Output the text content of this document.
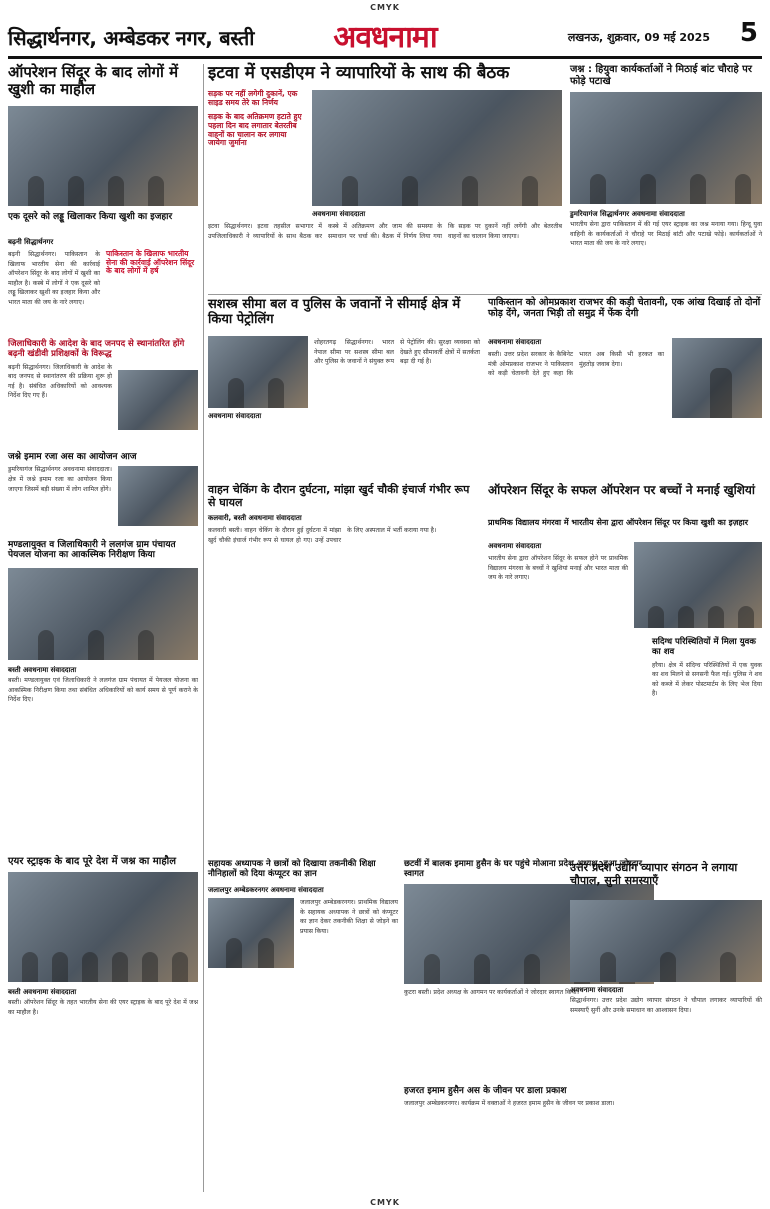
CMYK
सिद्धार्थनगर, अम्बेडकर नगर, बस्ती	अवधनामा	लखनऊ, शुक्रवार, 09 मई 2025 5
ऑपरेशन सिंदूर के बाद लोगों में खुशी का माहौल
एक दूसरे को लड्डू खिलाकर किया खुशी का इजहार
बढ़नी सिद्धार्थनगर
बढ़नी सिद्धार्थनगर। पाकिस्तान के खिलाफ भारतीय सेना की कार्रवाई ऑपरेशन सिंदूर के बाद लोगों में खुशी का माहौल है। कस्बे में लोगों ने एक दूसरे को लड्डू खिलाकर खुशी का इजहार किया और भारत माता की जय के नारे लगाए।
पाकिस्तान के खिलाफ भारतीय सेना की कार्रवाई ऑपरेशन सिंदूर के बाद लोगों में हर्ष
जिलाधिकारी के आदेश के बाद जनपद से स्थानांतरित होंगे बढ़नी खंडीवी प्रशिक्षकों के विरूद्ध
बढ़नी सिद्धार्थनगर। जिलाधिकारी के आदेश के बाद जनपद से स्थानांतरण की प्रक्रिया शुरू हो गई है। संबंधित अधिकारियों को आवश्यक निर्देश दिए गए हैं।
जश्ने इमाम रजा अस का आयोजन आज
डुमरियागंज सिद्धार्थनगर अवधनामा संवाददाता। क्षेत्र में जश्ने इमाम रजा का आयोजन किया जाएगा जिसमें बड़ी संख्या में लोग शामिल होंगे।
मण्डलायुक्त व जिलाधिकारी ने ललगंज ग्राम पंचायत पेयजल योजना का आकस्मिक निरीक्षण किया
बस्ती अवधनामा संवाददाता
बस्ती। मण्डलायुक्त एवं जिलाधिकारी ने ललगंज ग्राम पंचायत में पेयजल योजना का आकस्मिक निरीक्षण किया तथा संबंधित अधिकारियों को कार्य समय से पूर्ण कराने के निर्देश दिए।
एयर स्ट्राइक के बाद पूरे देश में जश्न का माहौल
बस्ती अवधनामा संवाददाता
बस्ती। ऑपरेशन सिंदूर के तहत भारतीय सेना की एयर स्ट्राइक के बाद पूरे देश में जश्न का माहौल है।
इटवा में एसडीएम ने व्यापारियों के साथ की बैठक
सड़क पर नहीं लगेगी दुकानें, एक साइड समय तेरे का निर्णय
सड़क के बाद अतिक्रमण हटाते हुए पहला दिन बाद लगातार बेतरतीब वाहनों का चालान कर लगाया जायेगा जुर्माना
अवधनामा संवाददाता
इटवा सिद्धार्थनगर। इटवा तहसील सभागार में उपजिलाधिकारी ने व्यापारियों के साथ बैठक कर कस्बे में अतिक्रमण और जाम की समस्या के समाधान पर चर्चा की। बैठक में निर्णय लिया गया कि सड़क पर दुकानें नहीं लगेंगी और बेतरतीब वाहनों का चालान किया जाएगा।
जश्न : हियुवा कार्यकर्ताओं ने मिठाई बांट चौराहे पर फोड़े पटाखे
डुमरियागंज सिद्धार्थनगर अवधनामा संवाददाता
भारतीय सेना द्वारा पाकिस्तान में की गई एयर स्ट्राइक का जश्न मनाया गया। हिन्दू युवा वाहिनी के कार्यकर्ताओं ने चौराहे पर मिठाई बांटी और पटाखे फोड़े। कार्यकर्ताओं ने भारत माता की जय के नारे लगाए।
सशस्त्र सीमा बल व पुलिस के जवानों ने सीमाई क्षेत्र में किया पेट्रोलिंग
अवधनामा संवाददाता
शोहरतगढ़ सिद्धार्थनगर। भारत नेपाल सीमा पर सशस्त्र सीमा बल और पुलिस के जवानों ने संयुक्त रूप से पेट्रोलिंग की। सुरक्षा व्यवस्था को देखते हुए सीमावर्ती क्षेत्रों में सतर्कता बढ़ा दी गई है।
पाकिस्तान को ओमप्रकाश राजभर की कड़ी चेतावनी, एक आंख दिखाई तो दोनों फोड़ देंगे, जनता भिड़ी तो समुद्र में फेंक देगी
अवधनामा संवाददाता
बस्ती। उत्तर प्रदेश सरकार के कैबिनेट मंत्री ओमप्रकाश राजभर ने पाकिस्तान को कड़ी चेतावनी देते हुए कहा कि भारत अब किसी भी हरकत का मुंहतोड़ जवाब देगा।
वाहन चेकिंग के दौरान दुर्घटना, मांझा खुर्द चौकी इंचार्ज गंभीर रूप से घायल
कलवारी, बस्ती अवधनामा संवाददाता
कलवारी बस्ती। वाहन चेकिंग के दौरान हुई दुर्घटना में मांझा खुर्द चौकी इंचार्ज गंभीर रूप से घायल हो गए। उन्हें उपचार के लिए अस्पताल में भर्ती कराया गया है।
ऑपरेशन सिंदूर के सफल ऑपरेशन पर बच्चों ने मनाई खुशियां
प्राथमिक विद्यालय मंगरवा में भारतीय सेना द्वारा ऑपरेशन सिंदूर पर किया खुशी का इज़हार
अवधनामा संवाददाता
भारतीय सेना द्वारा ऑपरेशन सिंदूर के सफल होने पर प्राथमिक विद्यालय मंगरवा के बच्चों ने खुशियां मनाई और भारत माता की जय के नारे लगाए।
सदिग्ध परिस्थितियों में मिला युवक का शव
हरैया। क्षेत्र में संदिग्ध परिस्थितियों में एक युवक का शव मिलने से सनसनी फैल गई। पुलिस ने शव को कब्जे में लेकर पोस्टमार्टम के लिए भेज दिया है।
सहायक अध्यापक ने छात्रों को दिखाया तकनीकी शिक्षा नौनिहालों को दिया कंप्यूटर का ज्ञान
जलालपुर अम्बेडकरनगर अवधनामा संवाददाता
जलालपुर अम्बेडकरनगर। प्राथमिक विद्यालय के सहायक अध्यापक ने छात्रों को कंप्यूटर का ज्ञान देकर तकनीकी शिक्षा से जोड़ने का प्रयास किया।
छटवीं में बालक इमामा हुसैन के घर पहुंचे मोआना प्रदेश अध्यक्ष, हुआ जोरदार स्वागत
कुटरा बस्ती। प्रदेश अध्यक्ष के आगमन पर कार्यकर्ताओं ने जोरदार स्वागत किया।
हजरत इमाम हुसैन अस के जीवन पर डाला प्रकाश
जलालपुर अम्बेडकरनगर। कार्यक्रम में वक्ताओं ने हजरत इमाम हुसैन के जीवन पर प्रकाश डाला।
उत्तर प्रदेश उद्योग व्यापार संगठन ने लगाया चौपाल, सुनी समस्याएँ
अवधनामा संवाददाता
सिद्धार्थनगर। उत्तर प्रदेश उद्योग व्यापार संगठन ने चौपाल लगाकर व्यापारियों की समस्याएँ सुनीं और उनके समाधान का आश्वासन दिया।
CMYK
